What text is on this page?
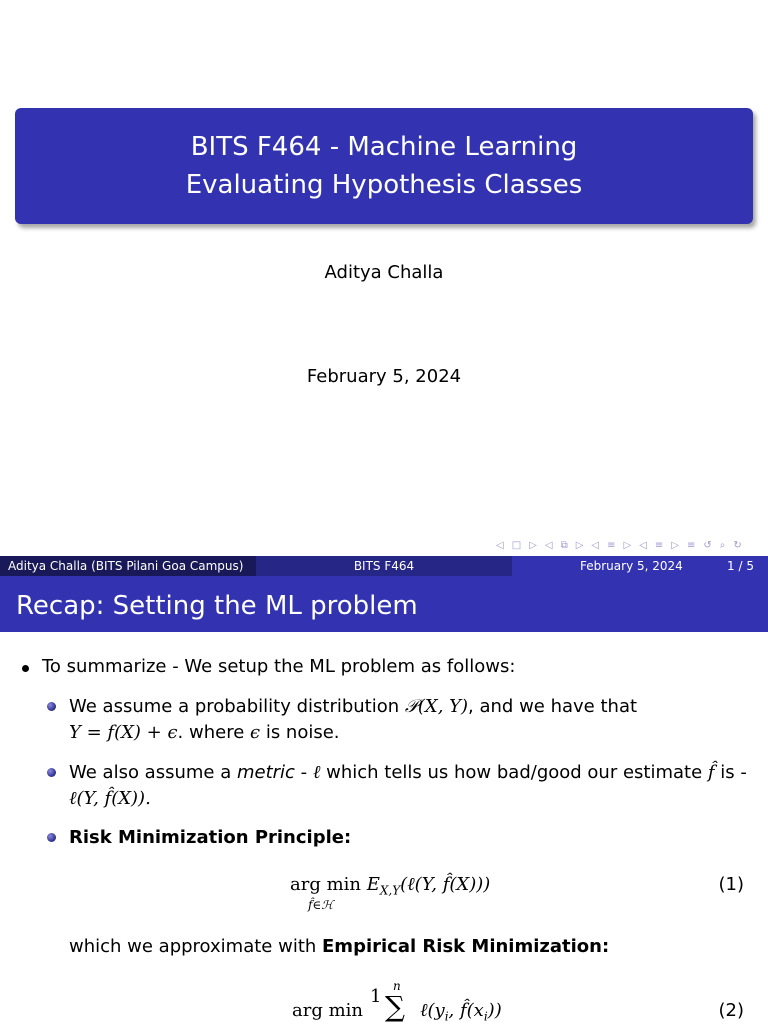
BITS F464 - Machine Learning
Evaluating Hypothesis Classes
Aditya Challa
February 5, 2024
◁ □ ▷ ◁ ⧉ ▷ ◁ ≡ ▷ ◁ ≡ ▷ ≡ ↺ ⌕ ↻
Aditya Challa (BITS Pilani Goa Campus)	BITS F464	February 5, 2024	1 / 5
Recap: Setting the ML problem
To summarize - We setup the ML problem as follows:
We assume a probability distribution 𝒫(X, Y), and we have that
Y = f(X) + ϵ. where ϵ is noise.
We also assume a metric - ℓ which tells us how bad/good our estimate f̂ is -
ℓ(Y, f̂(X)).
Risk Minimization Principle:
arg $\min E_{X,Y}(\ell(Y$, f̂(X)))
f̂∈ℋ
(1)
which we approximate with Empirical Risk Minimization:
arg min
1 n
∑ $\ell(y_i$, $f̂(x_i)$)	(2)
